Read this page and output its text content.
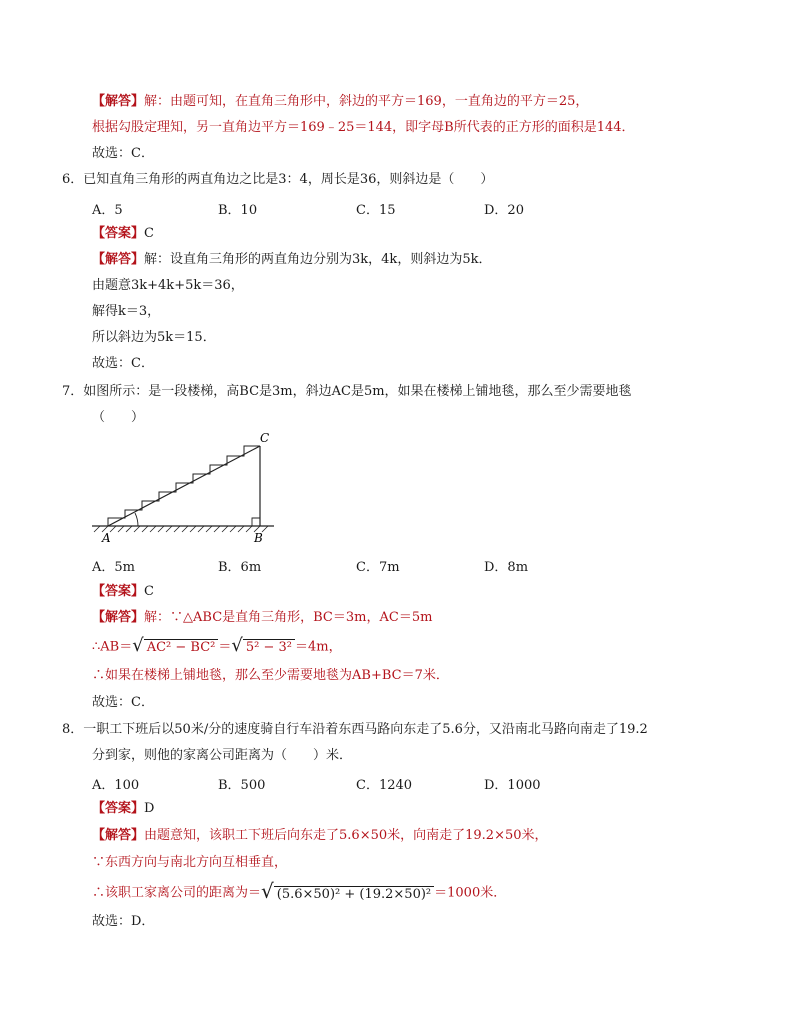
【解答】解：由题可知，在直角三角形中，斜边的平方＝169，一直角边的平方＝25，
根据勾股定理知，另一直角边平方＝169﹣25＝144，即字母B所代表的正方形的面积是144．
故选：C．
6．已知直角三角形的两直角边之比是3：4，周长是36，则斜边是（　　）
A．5	B．10	C．15	D．20
【答案】C
【解答】解：设直角三角形的两直角边分别为3k，4k，则斜边为5k．
由题意3k+4k+5k＝36，
解得k＝3，
所以斜边为5k＝15．
故选：C．
7．如图所示：是一段楼梯，高BC是3m，斜边AC是5m，如果在楼梯上铺地毯，那么至少需要地毯
（　　）
A	B
C
A．5m	B．6m	C．7m	D．8m
【答案】C
【解答】解：∵△ABC是直角三角形，BC＝3m，AC＝5m
∴AB＝√ AC² − BC² ＝√ 5² − 3² ＝4m，
∴如果在楼梯上铺地毯，那么至少需要地毯为AB+BC＝7米．
故选：C．
8．一职工下班后以50米/分的速度骑自行车沿着东西马路向东走了5.6分，又沿南北马路向南走了19.2
分到家，则他的家离公司距离为（　　）米．
A．100	B．500	C．1240	D．1000
【答案】D
【解答】由题意知，该职工下班后向东走了5.6×50米，向南走了19.2×50米，
∵东西方向与南北方向互相垂直，
∴该职工家离公司的距离为＝√ (5.6×50)² + (19.2×50)² ＝1000米．
故选：D．
